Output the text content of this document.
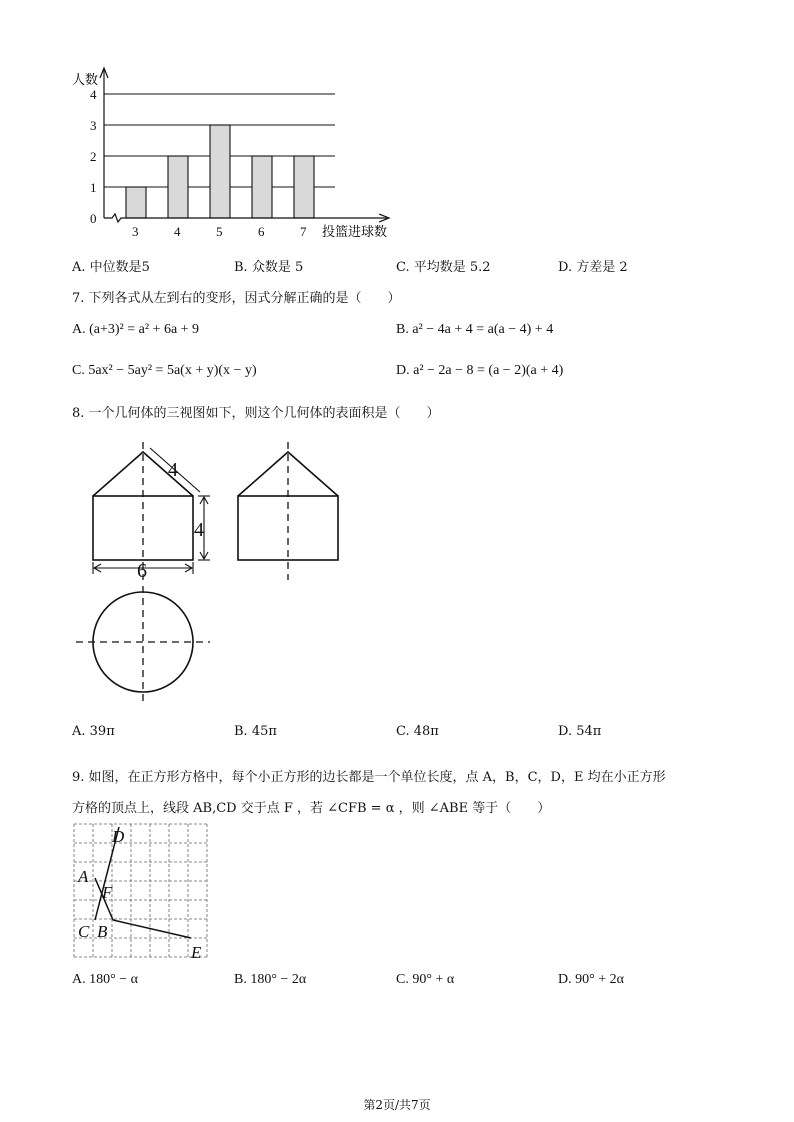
0
1
2
3
4
3	4	5	6	7
人数
投篮进球数
A. 中位数是5	B. 众数是 5	C. 平均数是 5.2	D. 方差是 2
7. 下列各式从左到右的变形，因式分解正确的是（　　）
A. (a+3)² = a² + 6a + 9	B. a² − 4a + 4 = a(a − 4) + 4
C. 5ax² − 5ay² = 5a(x + y)(x − y)	D. a² − 2a − 8 = (a − 2)(a + 4)
8. 一个几何体的三视图如下，则这个几何体的表面积是（　　）
4
4
6
A. 39π	B. 45π	C. 48π	D. 54π
9. 如图，在正方形方格中，每个小正方形的边长都是一个单位长度，点 A，B，C，D，E 均在小正方形
方格的顶点上，线段 AB,CD 交于点 F ，若 ∠CFB = α ，则 ∠ABE 等于（　　）
D
A
F
C B
E
A. 180° − α	B. 180° − 2α	C. 90° + α	D. 90° + 2α
第2页/共7页
